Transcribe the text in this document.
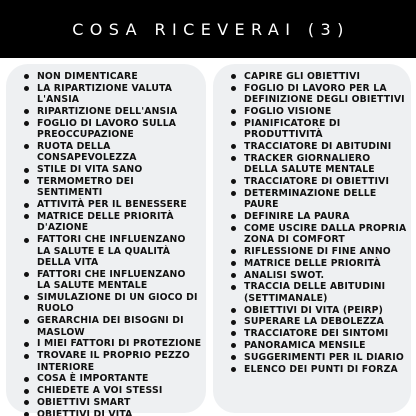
COSA RICEVERAI (3)
NON DIMENTICARE
LA RIPARTIZIONE VALUTA L'ANSIA
RIPARTIZIONE DELL'ANSIA
FOGLIO DI LAVORO SULLA PREOCCUPAZIONE
RUOTA DELLA CONSAPEVOLEZZA
STILE DI VITA SANO
TERMOMETRO DEI SENTIMENTI
ATTIVITÀ PER IL BENESSERE
MATRICE DELLE PRIORITÀ D'AZIONE
FATTORI CHE INFLUENZANO LA SALUTE E LA QUALITÀ DELLA VITA
FATTORI CHE INFLUENZANO LA SALUTE MENTALE
SIMULAZIONE DI UN GIOCO DI RUOLO
GERARCHIA DEI BISOGNI DI MASLOW
I MIEI FATTORI DI PROTEZIONE
TROVARE IL PROPRIO PEZZO INTERIORE
COSA È IMPORTANTE
CHIEDETE A VOI STESSI
OBIETTIVI SMART
OBIETTIVI DI VITA
CAPIRE GLI OBIETTIVI
FOGLIO DI LAVORO PER LA DEFINIZIONE DEGLI OBIETTIVI
FOGLIO VISIONE
PIANIFICATORE DI PRODUTTIVITÀ
TRACCIATORE DI ABITUDINI
TRACKER GIORNALIERO DELLA SALUTE MENTALE
TRACCIATORE DI OBIETTIVI
DETERMINAZIONE DELLE PAURE
DEFINIRE LA PAURA
COME USCIRE DALLA PROPRIA ZONA DI COMFORT
RIFLESSIONE DI FINE ANNO
MATRICE DELLE PRIORITÀ
ANALISI SWOT.
TRACCIA DELLE ABITUDINI (SETTIMANALE)
OBIETTIVI DI VITA (PEIRP)
SUPERARE LA DEBOLEZZA
TRACCIATORE DEI SINTOMI
PANORAMICA MENSILE
SUGGERIMENTI PER IL DIARIO
ELENCO DEI PUNTI DI FORZA
